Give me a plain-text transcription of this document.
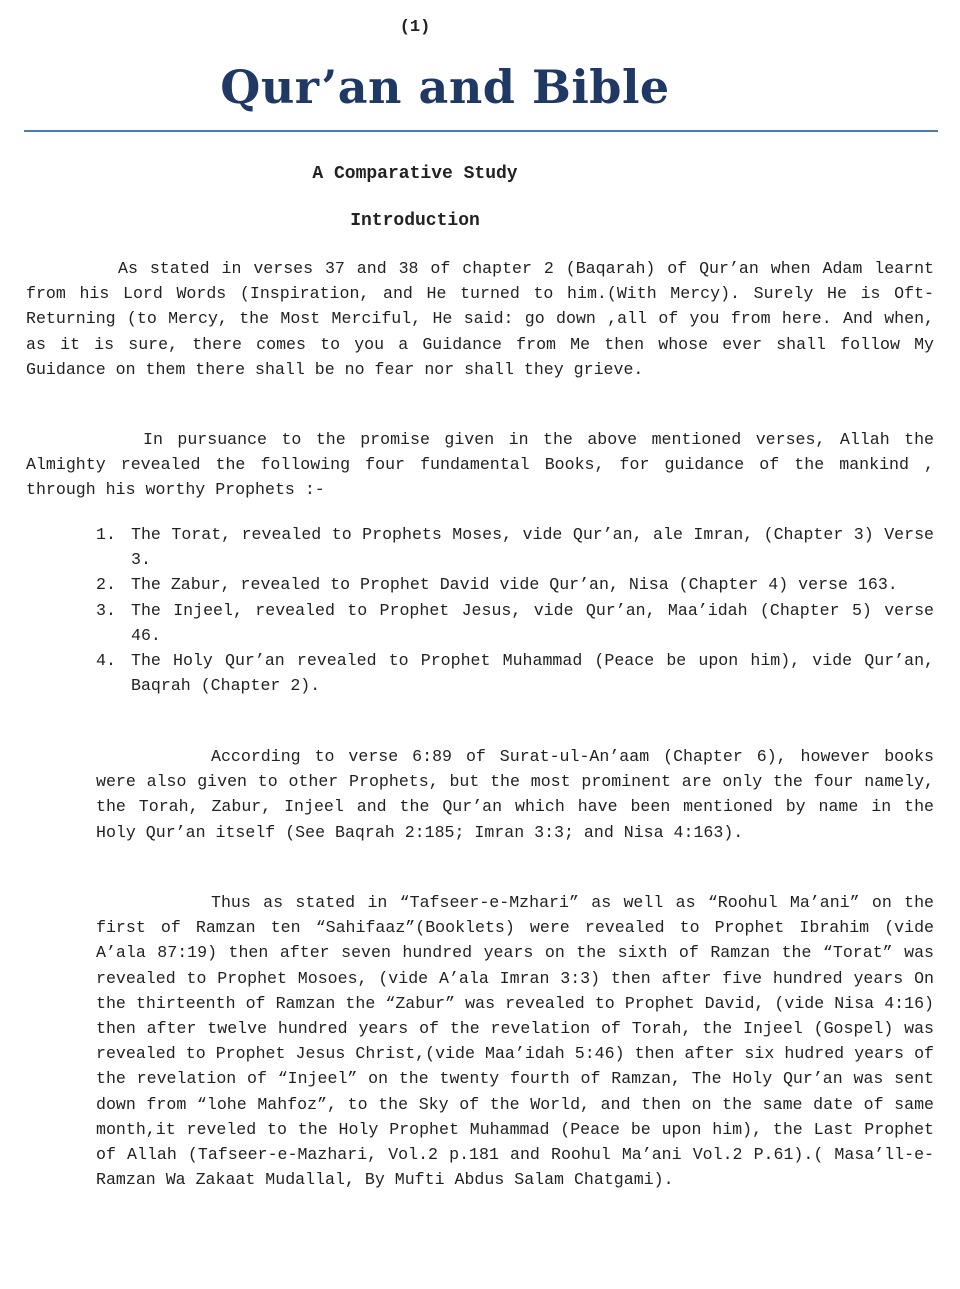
(1)
Qur’an and Bible
A Comparative Study
Introduction

As stated in verses 37 and 38 of chapter 2 (Baqarah) of Qur’an when Adam learnt from his Lord Words (Inspiration, and He turned to him.(With Mercy). Surely He is Oft-Returning (to Mercy, the Most Merciful, He said: go down ,all of you from here. And when, as it is sure, there comes to you a Guidance from Me then whose ever shall follow My Guidance on them there shall be no fear nor shall they grieve.

In pursuance to the promise given in the above mentioned verses, Allah the Almighty revealed the following four fundamental Books, for guidance of the mankind , through his worthy Prophets :-

1. The Torat, revealed to Prophets Moses, vide Qur’an, ale Imran, (Chapter 3) Verse 3.
2. The Zabur, revealed to Prophet David vide Qur’an, Nisa (Chapter 4) verse 163.
3. The Injeel, revealed to Prophet Jesus, vide Qur’an, Maa’idah (Chapter 5) verse 46.
4. The Holy Qur’an revealed to Prophet Muhammad (Peace be upon him), vide Qur’an, Baqrah (Chapter 2).

According to verse 6:89 of Surat-ul-An’aam (Chapter 6), however books were also given to other Prophets, but the most prominent are only the four namely, the Torah, Zabur, Injeel and the Qur’an which have been mentioned by name in the Holy Qur’an itself (See Baqrah 2:185; Imran 3:3; and Nisa 4:163).

Thus as stated in “Tafseer-e-Mzhari” as well as “Roohul Ma’ani” on the first of Ramzan ten “Sahifaaz”(Booklets) were revealed to Prophet Ibrahim (vide A’ala 87:19) then after seven hundred years on the sixth of Ramzan the “Torat” was revealed to Prophet Mosoes, (vide A’ala Imran 3:3) then after five hundred years On the thirteenth of Ramzan the “Zabur” was revealed to Prophet David, (vide Nisa 4:16) then after twelve hundred years of the revelation of Torah, the Injeel (Gospel) was revealed to Prophet Jesus Christ,(vide Maa’idah 5:46) then after six hudred years of the revelation of “Injeel” on the twenty fourth of Ramzan, The Holy Qur’an was sent down from “lohe Mahfoz”, to the Sky of the World, and then on the same date of same month,it reveled to the Holy Prophet Muhammad (Peace be upon him), the Last Prophet of Allah (Tafseer-e-Mazhari, Vol.2 p.181 and Roohul Ma’ani Vol.2 P.61).( Masa’ll-e-Ramzan Wa Zakaat Mudallal, By Mufti Abdus Salam Chatgami).
